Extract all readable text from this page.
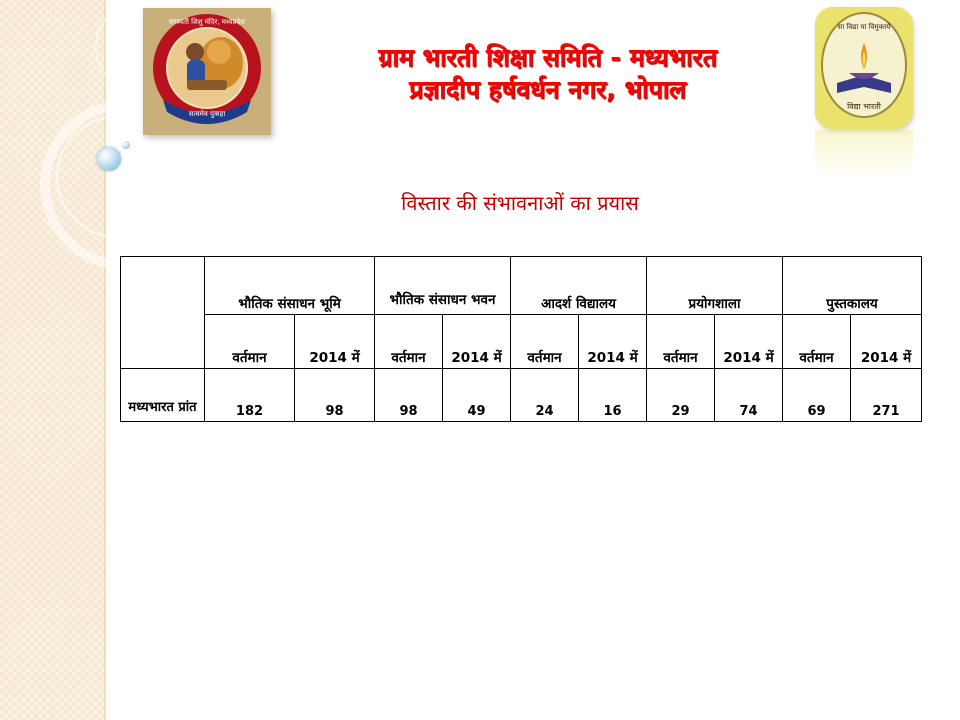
सत्यमेव पुत्राहा
सरस्वती शिशु मंदिर, मध्यप्रदेश
सा विद्या या विमुक्तये
विद्या भारती
ग्राम भारती शिक्षा समिति - मध्यभारत
प्रज्ञादीप हर्षवर्धन नगर, भोपाल
विस्तार की संभावनाओं का प्रयास
	भौतिक संसाधन भूमि		भौतिक संसाधन भवन		आदर्श विद्यालय		प्रयोगशाला		पुस्तकालय	
	वर्तमान	2014 में	वर्तमान	2014 में	वर्तमान	2014 में	वर्तमान	2014 में	वर्तमान	2014 में
मध्यभारत प्रांत	182	98	98	49	24	16	29	74	69	271
